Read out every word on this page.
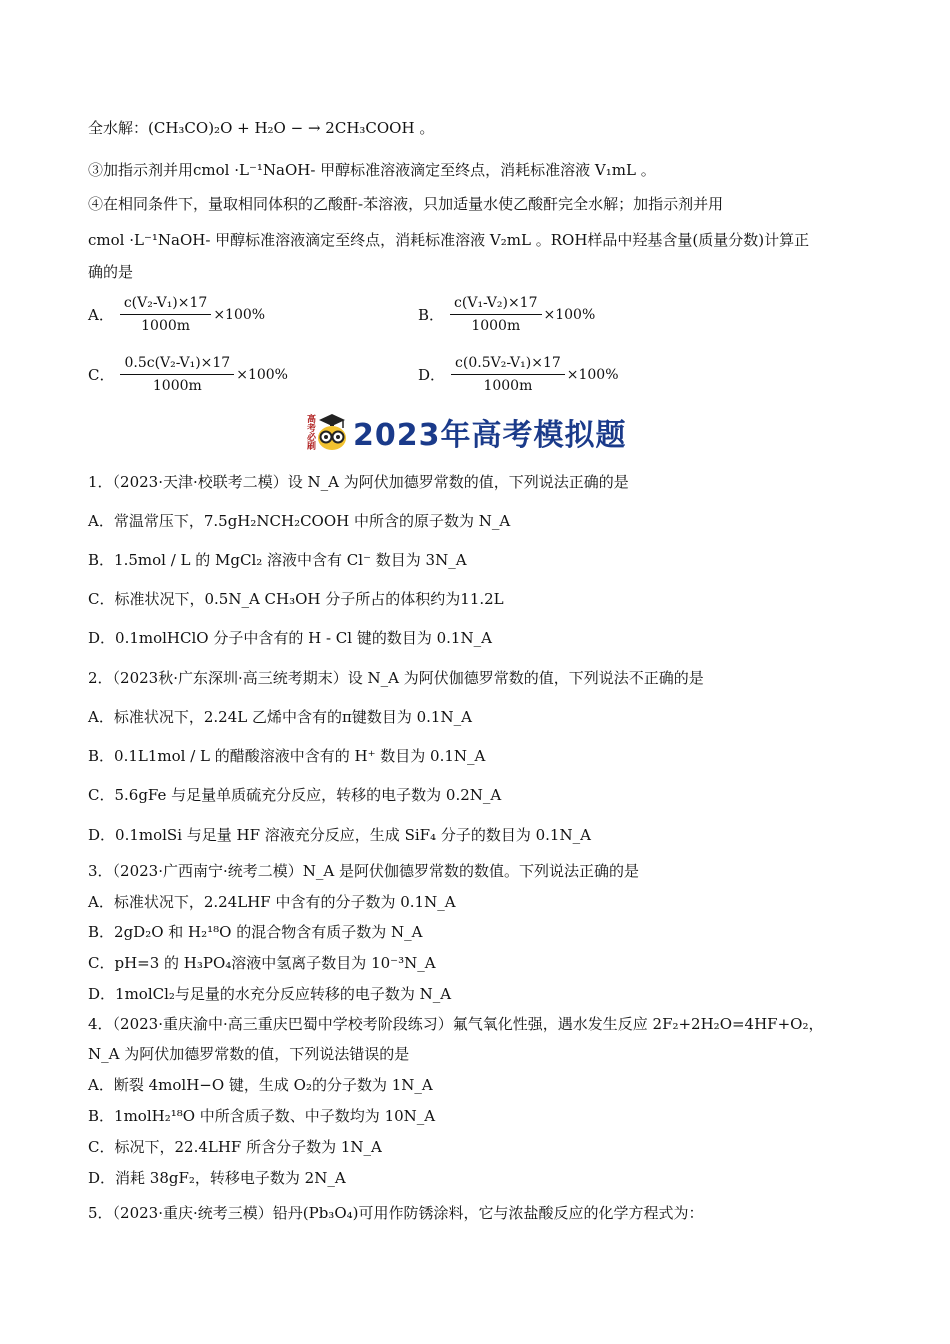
全水解：(CH₃CO)₂O + H₂O − → 2CH₃COOH 。
③加指示剂并用cmol ·L⁻¹NaOH- 甲醇标准溶液滴定至终点，消耗标准溶液 V₁mL 。
④在相同条件下，量取相同体积的乙酸酐-苯溶液，只加适量水使乙酸酐完全水解；加指示剂并用
cmol ·L⁻¹NaOH- 甲醇标准溶液滴定至终点，消耗标准溶液 V₂mL 。ROH样品中羟基含量(质量分数)计算正
确的是
A． $\frac{\text{c(V₂-V₁)×17}}{1000m} \times 100\%$	B． $\frac{\text{c(V₁-V₂)×17}}{1000m} \times 100\%$
C． $\frac{\text{0.5c(V₂-V₁)×17}}{1000m} \times 100\%$	D． $\frac{\text{c(0.5V₂-V₁)×17}}{1000m} \times 100\%$
高考必刷 2023年高考模拟题
1．（2023·天津·校联考二模）设 N_A 为阿伏加德罗常数的值，下列说法正确的是
A．常温常压下，7.5gH₂NCH₂COOH 中所含的原子数为 N_A
B．1.5mol / L 的 MgCl₂ 溶液中含有 Cl⁻ 数目为 3N_A
C．标准状况下，0.5N_A CH₃OH 分子所占的体积约为11.2L
D．0.1molHClO 分子中含有的 H - Cl 键的数目为 0.1N_A
2．（2023秋·广东深圳·高三统考期末）设 N_A 为阿伏伽德罗常数的值，下列说法不正确的是
A．标准状况下，2.24L 乙烯中含有的π键数目为 0.1N_A
B．0.1L1mol / L 的醋酸溶液中含有的 H⁺ 数目为 0.1N_A
C．5.6gFe 与足量单质硫充分反应，转移的电子数为 0.2N_A
D．0.1molSi 与足量 HF 溶液充分反应，生成 SiF₄ 分子的数目为 0.1N_A
3．（2023·广西南宁·统考二模）N_A 是阿伏伽德罗常数的数值。下列说法正确的是
A．标准状况下，2.24LHF 中含有的分子数为 0.1N_A
B．2gD₂O 和 H₂¹⁸O 的混合物含有质子数为 N_A
C．pH=3 的 H₃PO₄溶液中氢离子数目为 10⁻³N_A
D．1molCl₂与足量的水充分反应转移的电子数为 N_A
4．（2023·重庆渝中·高三重庆巴蜀中学校考阶段练习）氟气氧化性强，遇水发生反应 2F₂+2H₂O=4HF+O₂，
N_A 为阿伏加德罗常数的值，下列说法错误的是
A．断裂 4molH−O 键，生成 O₂的分子数为 1N_A
B．1molH₂¹⁸O 中所含质子数、中子数均为 10N_A
C．标况下，22.4LHF 所含分子数为 1N_A
D．消耗 38gF₂，转移电子数为 2N_A
5．（2023·重庆·统考三模）铅丹(Pb₃O₄)可用作防锈涂料，它与浓盐酸反应的化学方程式为：
